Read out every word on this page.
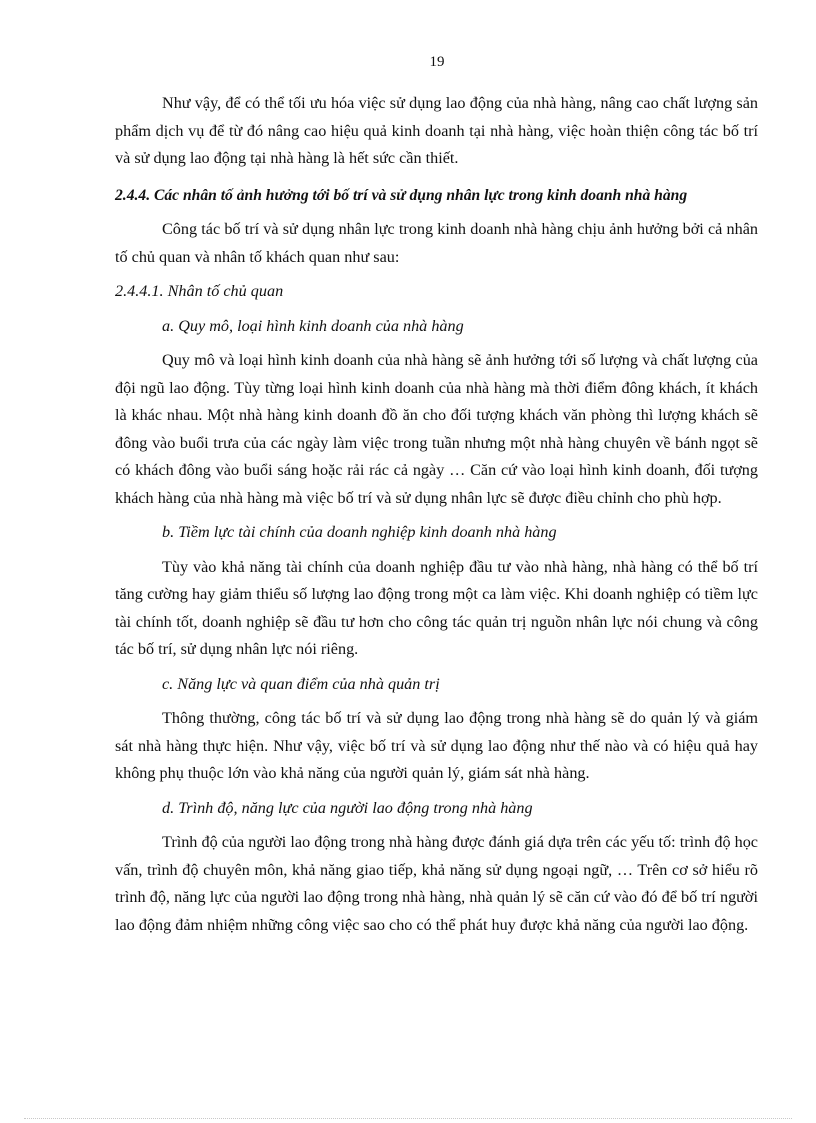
19

Như vậy, để có thể tối ưu hóa việc sử dụng lao động của nhà hàng, nâng cao chất lượng sản phẩm dịch vụ để từ đó nâng cao hiệu quả kinh doanh tại nhà hàng, việc hoàn thiện công tác bố trí và sử dụng lao động tại nhà hàng là hết sức cần thiết.

2.4.4. Các nhân tố ảnh hưởng tới bố trí và sử dụng nhân lực trong kinh doanh nhà hàng

Công tác bố trí và sử dụng nhân lực trong kinh doanh nhà hàng chịu ảnh hưởng bởi cả nhân tố chủ quan và nhân tố khách quan như sau:

2.4.4.1. Nhân tố chủ quan

a. Quy mô, loại hình kinh doanh của nhà hàng

Quy mô và loại hình kinh doanh của nhà hàng sẽ ảnh hưởng tới số lượng và chất lượng của đội ngũ lao động. Tùy từng loại hình kinh doanh của nhà hàng mà thời điểm đông khách, ít khách là khác nhau. Một nhà hàng kinh doanh đồ ăn cho đối tượng khách văn phòng thì lượng khách sẽ đông vào buổi trưa của các ngày làm việc trong tuần nhưng một nhà hàng chuyên về bánh ngọt sẽ có khách đông vào buổi sáng hoặc rải rác cả ngày … Căn cứ vào loại hình kinh doanh, đối tượng khách hàng của nhà hàng mà việc bố trí và sử dụng nhân lực sẽ được điều chỉnh cho phù hợp.

b. Tiềm lực tài chính của doanh nghiệp kinh doanh nhà hàng

Tùy vào khả năng tài chính của doanh nghiệp đầu tư vào nhà hàng, nhà hàng có thể bố trí tăng cường hay giảm thiểu số lượng lao động trong một ca làm việc. Khi doanh nghiệp có tiềm lực tài chính tốt, doanh nghiệp sẽ đầu tư hơn cho công tác quản trị nguồn nhân lực nói chung và công tác bố trí, sử dụng nhân lực nói riêng.

c. Năng lực và quan điểm của nhà quản trị

Thông thường, công tác bố trí và sử dụng lao động trong nhà hàng sẽ do quản lý và giám sát nhà hàng thực hiện. Như vậy, việc bố trí và sử dụng lao động như thế nào và có hiệu quả hay không phụ thuộc lớn vào khả năng của người quản lý, giám sát nhà hàng.

d. Trình độ, năng lực của người lao động trong nhà hàng

Trình độ của người lao động trong nhà hàng được đánh giá dựa trên các yếu tố: trình độ học vấn, trình độ chuyên môn, khả năng giao tiếp, khả năng sử dụng ngoại ngữ, … Trên cơ sở hiểu rõ trình độ, năng lực của người lao động trong nhà hàng, nhà quản lý sẽ căn cứ vào đó để bố trí người lao động đảm nhiệm những công việc sao cho có thể phát huy được khả năng của người lao động.
